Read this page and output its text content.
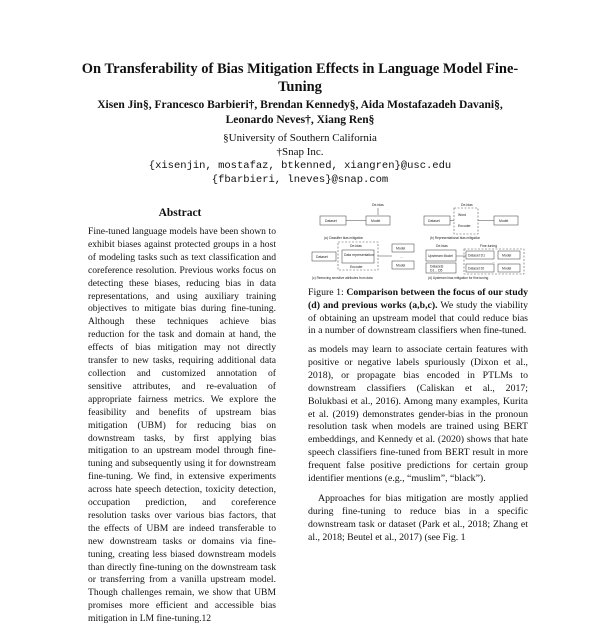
On Transferability of Bias Mitigation Effects in Language Model Fine-Tuning
Xisen Jin§, Francesco Barbieri†, Brendan Kennedy§, Aida Mostafazadeh Davani§,
Leonardo Neves†, Xiang Ren§
§University of Southern California
†Snap Inc.
{xisenjin, mostafaz, btkenned, xiangren}@usc.edu
{fbarbieri, lneves}@snap.com
Abstract
Fine-tuned language models have been shown to exhibit biases against protected groups in a host of modeling tasks such as text classification and coreference resolution. Previous works focus on detecting these biases, reducing bias in data representations, and using auxiliary training objectives to mitigate bias during fine-tuning. Although these techniques achieve bias reduction for the task and domain at hand, the effects of bias mitigation may not directly transfer to new tasks, requiring additional data collection and customized annotation of sensitive attributes, and re-evaluation of appropriate fairness metrics. We explore the feasibility and benefits of upstream bias mitigation (UBM) for reducing bias on downstream tasks, by first applying bias mitigation to an upstream model through fine-tuning and subsequently using it for downstream fine-tuning. We find, in extensive experiments across hate speech detection, toxicity detection, occupation prediction, and coreference resolution tasks over various bias factors, that the effects of UBM are indeed transferable to new downstream tasks or domains via fine-tuning, creating less biased downstream models than directly fine-tuning on the downstream task or transferring from a vanilla upstream model. Though challenges remain, we show that UBM promises more efficient and accessible bias mitigation in LM fine-tuning.12
De-bias
Dataset	Model
(a) Classifier bias mitigation
De-bias
Word
Encoder
Dataset	Model
(b) Representational bias mitigation
De-bias
Dataset	Data representation
Encoder
Model
...
Model
(c) Removing sensitive attributes from data
De-bias	Fine-tuning
Upstream Model
Datasets
D1 .. D5
Dataset D1	Model
…
Dataset Dt	Model
(d) Upstream bias mitigation for fine-tuning
Figure 1: Comparison between the focus of our study (d) and previous works (a,b,c). We study the viability of obtaining an upstream model that could reduce bias in a number of downstream classifiers when fine-tuned.

as models may learn to associate certain features with positive or negative labels spuriously (Dixon et al., 2018), or propagate bias encoded in PTLMs to downstream classifiers (Caliskan et al., 2017; Bolukbasi et al., 2016). Among many examples, Kurita et al. (2019) demonstrates gender-bias in the pronoun resolution task when models are trained using BERT embeddings, and Kennedy et al. (2020) shows that hate speech classifiers fine-tuned from BERT result in more frequent false positive predictions for certain group identifier mentions (e.g., “muslim”, “black”).

Approaches for bias mitigation are mostly applied during fine-tuning to reduce bias in a specific downstream task or dataset (Park et al., 2018; Zhang et al., 2018; Beutel et al., 2017) (see Fig. 1
